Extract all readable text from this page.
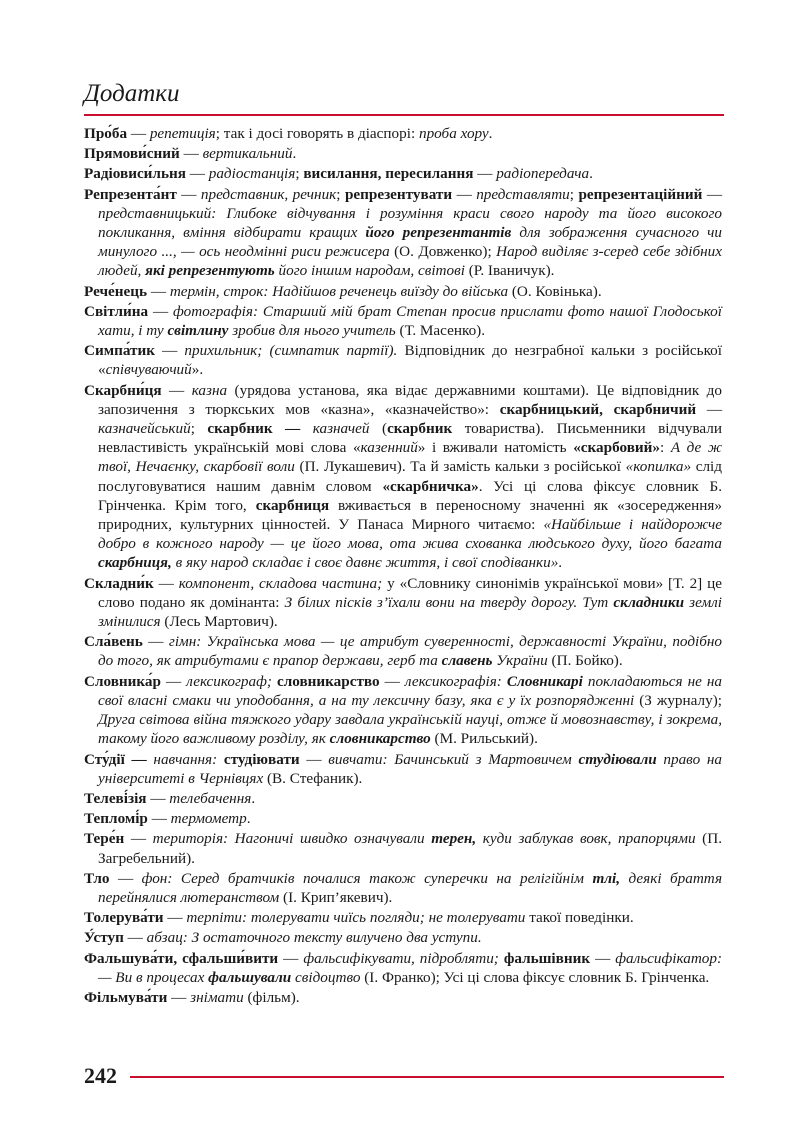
Додатки

Про́ба — репетиція; так і досі говорять в діаспорі: проба хору.

Прямови́сний — вертикальний.

Радіовиси́льня — радіостанція; висилання, пересилання — радіопередача.

Репрезента́нт — представник, речник; репрезентувати — представляти; репрезентаційний — представницький: Глибоке відчування і розуміння краси свого народу та його високого покликання, вміння відбирати кращих його репрезентантів для зображення сучасного чи минулого ..., — ось неодмінні риси режисера (О. Довженко); Народ виділяє з-серед себе здібних людей, які репрезентують його іншим народам, світові (Р. Іваничук).

Рече́нець — термін, строк: Надійшов реченець виїзду до війська (О. Ковінька).

Світли́на — фотографія: Старший мій брат Степан просив прислати фото нашої Глодоської хати, і ту світлину зробив для нього учитель (Т. Масенко).

Симпа́тик — прихильник; (симпатик партії). Відповідник до незграбної кальки з російської «співчуваючий».

Скарбни́ця — казна (урядова установа, яка відає державними коштами). Це відповідник до запозичення з тюркських мов «казна», «казначейство»: скарбницький, скарбничий — казначейський; скарбник — казначей (скарбник товариства). Письменники відчували невластивість українській мові слова «казенний» і вживали натомість «скарбовий»: А де ж твої, Нечаєнку, скарбовії воли (П. Лукашевич). Та й замість кальки з російської «копилка» слід послуговуватися нашим давнім словом «скарбничка». Усі ці слова фіксує словник Б. Грінченка. Крім того, скарбниця вживається в переносному значенні як «зосередження» природних, культурних цінностей. У Панаса Мирного читаємо: «Найбільше і найдорожче добро в кожного народу — це його мова, ота жива схованка людського духу, його багата скарбниця, в яку народ складає і своє давнє життя, і свої сподіванки».

Складни́к — компонент, складова частина; у «Словнику синонімів української мови» [Т. 2] це слово подано як домінанта: З білих пісків з’їхали вони на тверду дорогу. Тут складники землі змінилися (Лесь Мартович).

Сла́вень — гімн: Українська мова — це атрибут суверенності, державності України, подібно до того, як атрибутами є прапор держави, герб та славень України (П. Бойко).

Словника́р — лексикограф; словникарство — лексикографія: Словникарі покладаються не на свої власні смаки чи уподобання, а на ту лексичну базу, яка є у їх розпорядженні (З журналу); Друга світова війна тяжкого удару завдала українській науці, отже й мовознавству, і зокрема, такому його важливому розділу, як словникарство (М. Рильський).

Сту́дії — навчання: студіювати — вивчати: Бачинський з Мартовичем студіювали право на університеті в Чернівцях (В. Стефаник).

Телеві́зія — телебачення.

Тепломі́р — термометр.

Тере́н — територія: Нагоничі швидко означували терен, куди заблукав вовк, прапорцями (П. Загребельний).

Тло — фон: Серед братчиків почалися також суперечки на релігійнім тлі, деякі браття перейнялися лютеранством (І. Крип’якевич).

Толерува́ти — терпіти: толерувати чиїсь погляди; не толерувати такої поведінки.

У́ступ — абзац: З остаточного тексту вилучено два уступи.

Фальшува́ти, сфальши́вити — фальсифікувати, підробляти; фальшівник — фальсифікатор: — Ви в процесах фальшували свідоцтво (І. Франко); Усі ці слова фіксує словник Б. Грінченка.

Фільмува́ти — знімати (фільм).

242
